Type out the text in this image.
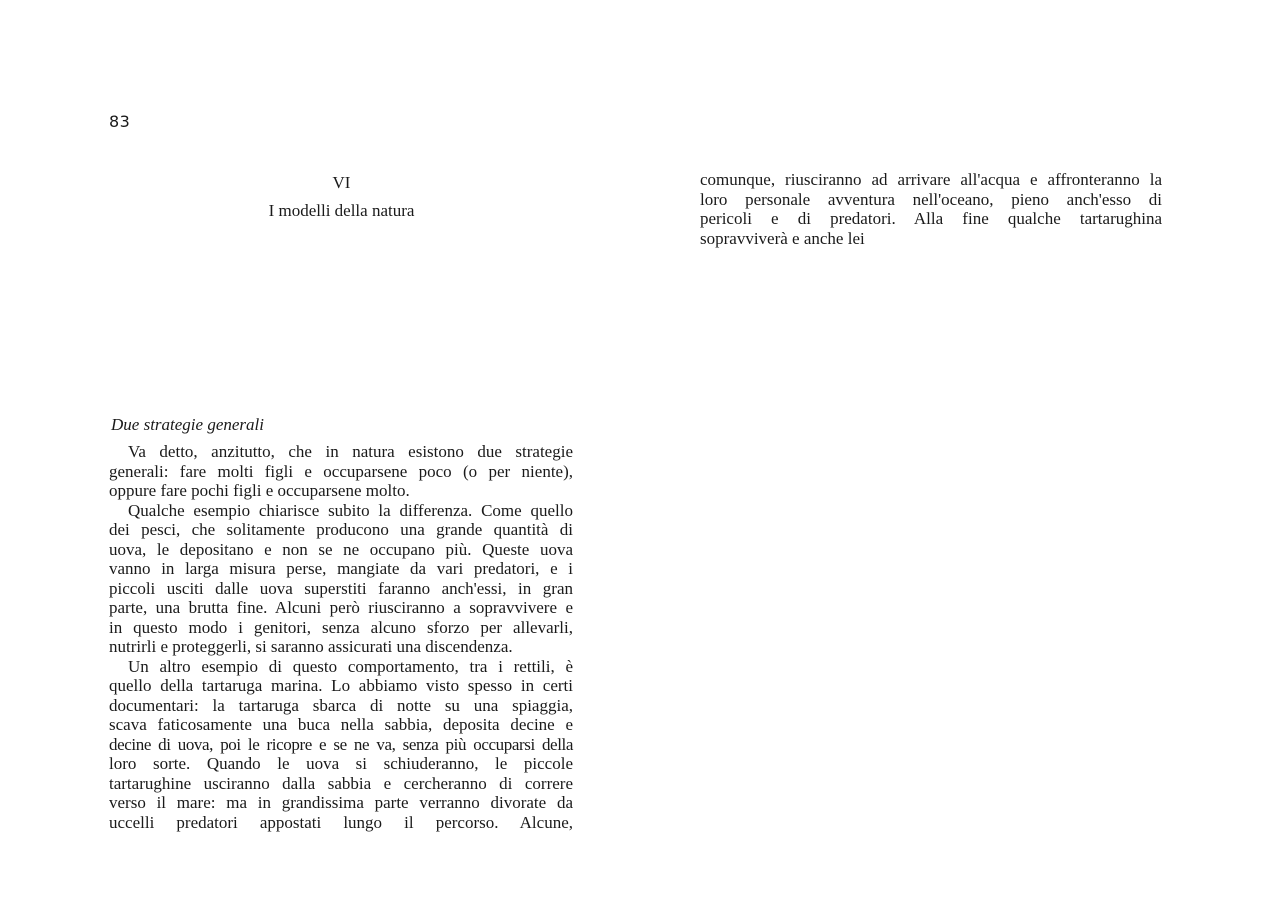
83
VI
I modelli della natura
Due strategie generali
Va detto, anzitutto, che in natura esistono due strategie
generali: fare molti figli e occuparsene poco (o per niente),
oppure fare pochi figli e occuparsene molto.
Qualche esempio chiarisce subito la differenza. Come quello
dei pesci, che solitamente producono una grande quantità di
uova, le depositano e non se ne occupano più. Queste uova
vanno in larga misura perse, mangiate da vari predatori, e i
piccoli usciti dalle uova superstiti faranno anch'essi, in gran
parte, una brutta fine. Alcuni però riusciranno a sopravvivere e
in questo modo i genitori, senza alcuno sforzo per allevarli,
nutrirli e proteggerli, si saranno assicurati una discendenza.
Un altro esempio di questo comportamento, tra i rettili, è
quello della tartaruga marina. Lo abbiamo visto spesso in certi
documentari: la tartaruga sbarca di notte su una spiaggia,
scava faticosamente una buca nella sabbia, deposita decine e
decine di uova, poi le ricopre e se ne va, senza più occuparsi della
loro sorte. Quando le uova si schiuderanno, le piccole
tartarughine usciranno dalla sabbia e cercheranno di correre
verso il mare: ma in grandissima parte verranno divorate da
uccelli predatori appostati lungo il percorso. Alcune,
comunque, riusciranno ad arrivare all'acqua e affronteranno la
loro personale avventura nell'oceano, pieno anch'esso di
pericoli e di predatori. Alla fine qualche tartarughina
sopravviverà e anche lei
